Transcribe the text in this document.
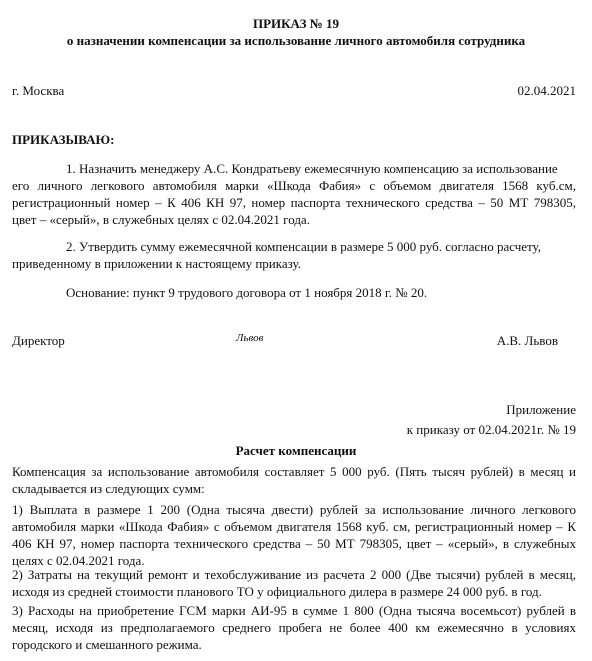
ПРИКАЗ № 19
о назначении компенсации за использование личного автомобиля сотрудника
г. Москва	02.04.2021
ПРИКАЗЫВАЮ:
1. Назначить менеджеру А.С. Кондратьеву ежемесячную компенсацию за использование
его личного легкового автомобиля марки «Шкода Фабия» с объемом двигателя 1568 куб.см,
регистрационный номер – К 406 КН 97, номер паспорта технического средства – 50 МТ 798305,
цвет – «серый», в служебных целях с 02.04.2021 года.
2. Утвердить сумму ежемесячной компенсации в размере 5 000 руб. согласно расчету,
приведенному в приложении к настоящему приказу.
Основание: пункт 9 трудового договора от 1 ноября 2018 г. № 20.
Директор	Львов	А.В. Львов
Приложение
к приказу от 02.04.2021г. № 19
Расчет компенсации
Компенсация за использование автомобиля составляет 5 000 руб. (Пять тысяч рублей) в месяц и
складывается из следующих сумм:
1) Выплата в размере 1 200 (Одна тысяча двести) рублей за использование личного легкового
автомобиля марки «Шкода Фабия» с объемом двигателя 1568 куб. см, регистрационный номер – К
406 КН 97, номер паспорта технического средства – 50 МТ 798305, цвет – «серый», в служебных
целях с 02.04.2021 года.
2) Затраты на текущий ремонт и техобслуживание из расчета 2 000 (Две тысячи) рублей в месяц,
исходя из средней стоимости планового ТО у официального дилера в размере 24 000 руб. в год.
3) Расходы на приобретение ГСМ марки АИ-95 в сумме 1 800 (Одна тысяча восемьсот) рублей в
месяц, исходя из предполагаемого среднего пробега не более 400 км ежемесячно в условиях
городского и смешанного режима.
